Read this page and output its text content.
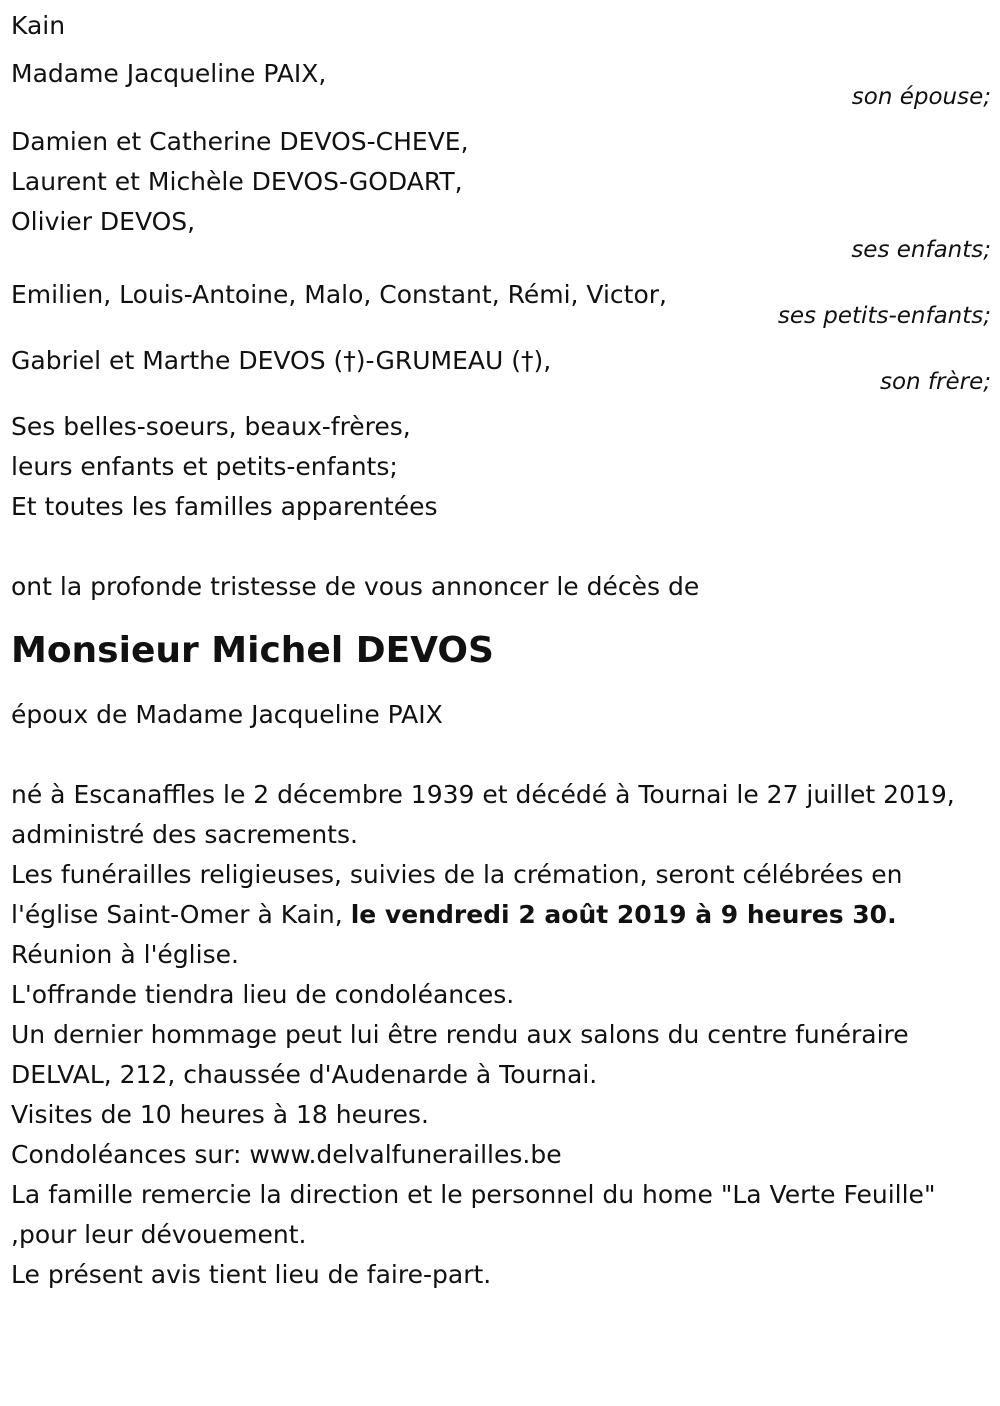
Kain
Madame Jacqueline PAIX,
son épouse;
Damien et Catherine DEVOS-CHEVE,
Laurent et Michèle DEVOS-GODART,
Olivier DEVOS,
ses enfants;
Emilien, Louis-Antoine, Malo, Constant, Rémi, Victor,
ses petits-enfants;
Gabriel et Marthe DEVOS (†)-GRUMEAU (†),
son frère;
Ses belles-soeurs, beaux-frères,
leurs enfants et petits-enfants;
Et toutes les familles apparentées
ont la profonde tristesse de vous annoncer le décès de
Monsieur Michel DEVOS
époux de Madame Jacqueline PAIX

né à Escanaffles le 2 décembre 1939 et décédé à Tournai le 27 juillet 2019, administré des sacrements.

Les funérailles religieuses, suivies de la crémation, seront célébrées en l'église Saint-Omer à Kain, le vendredi 2 août 2019 à 9 heures 30.

Réunion à l'église.

L'offrande tiendra lieu de condoléances.

Un dernier hommage peut lui être rendu aux salons du centre funéraire DELVAL, 212, chaussée d'Audenarde à Tournai.

Visites de 10 heures à 18 heures.

Condoléances sur: www.delvalfunerailles.be

La famille remercie la direction et le personnel du home "La Verte Feuille" ,pour leur dévouement.

Le présent avis tient lieu de faire-part.
